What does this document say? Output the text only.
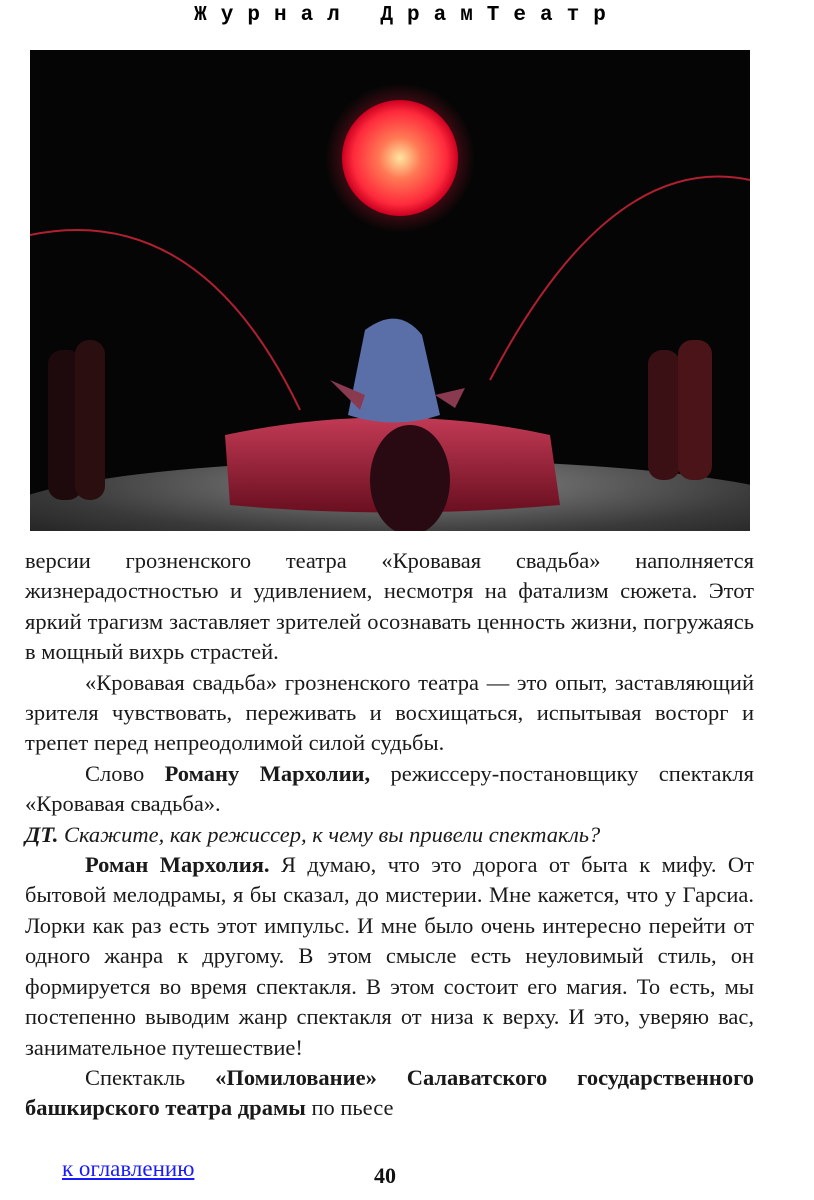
Журнал ДрамТеатр

версии грозненского театра «Кровавая свадьба» наполняется жизнерадостностью и удивлением, несмотря на фатализм сюжета. Этот яркий трагизм заставляет зрителей осознавать ценность жизни, погружаясь в мощный вихрь страстей.

«Кровавая свадьба» грозненского театра — это опыт, заставляющий зрителя чувствовать, переживать и восхищаться, испытывая восторг и трепет перед непреодолимой силой судьбы.

Слово Роману Мархолии, режиссеру-постановщику спектакля «Кровавая свадьба».

ДТ. Скажите, как режиссер, к чему вы привели спектакль?

Роман Мархолия. Я думаю, что это дорога от быта к мифу. От бытовой мелодрамы, я бы сказал, до мистерии. Мне кажется, что у Гарсиа. Лорки как раз есть этот импульс. И мне было очень интересно перейти от одного жанра к другому. В этом смысле есть неуловимый стиль, он формируется во время спектакля. В этом состоит его магия. То есть, мы постепенно выводим жанр спектакля от низа к верху. И это, уверяю вас, занимательное путешествие!

Спектакль «Помилование» Салаватского государственного башкирского театра драмы по пьесе

к оглавлению	40
